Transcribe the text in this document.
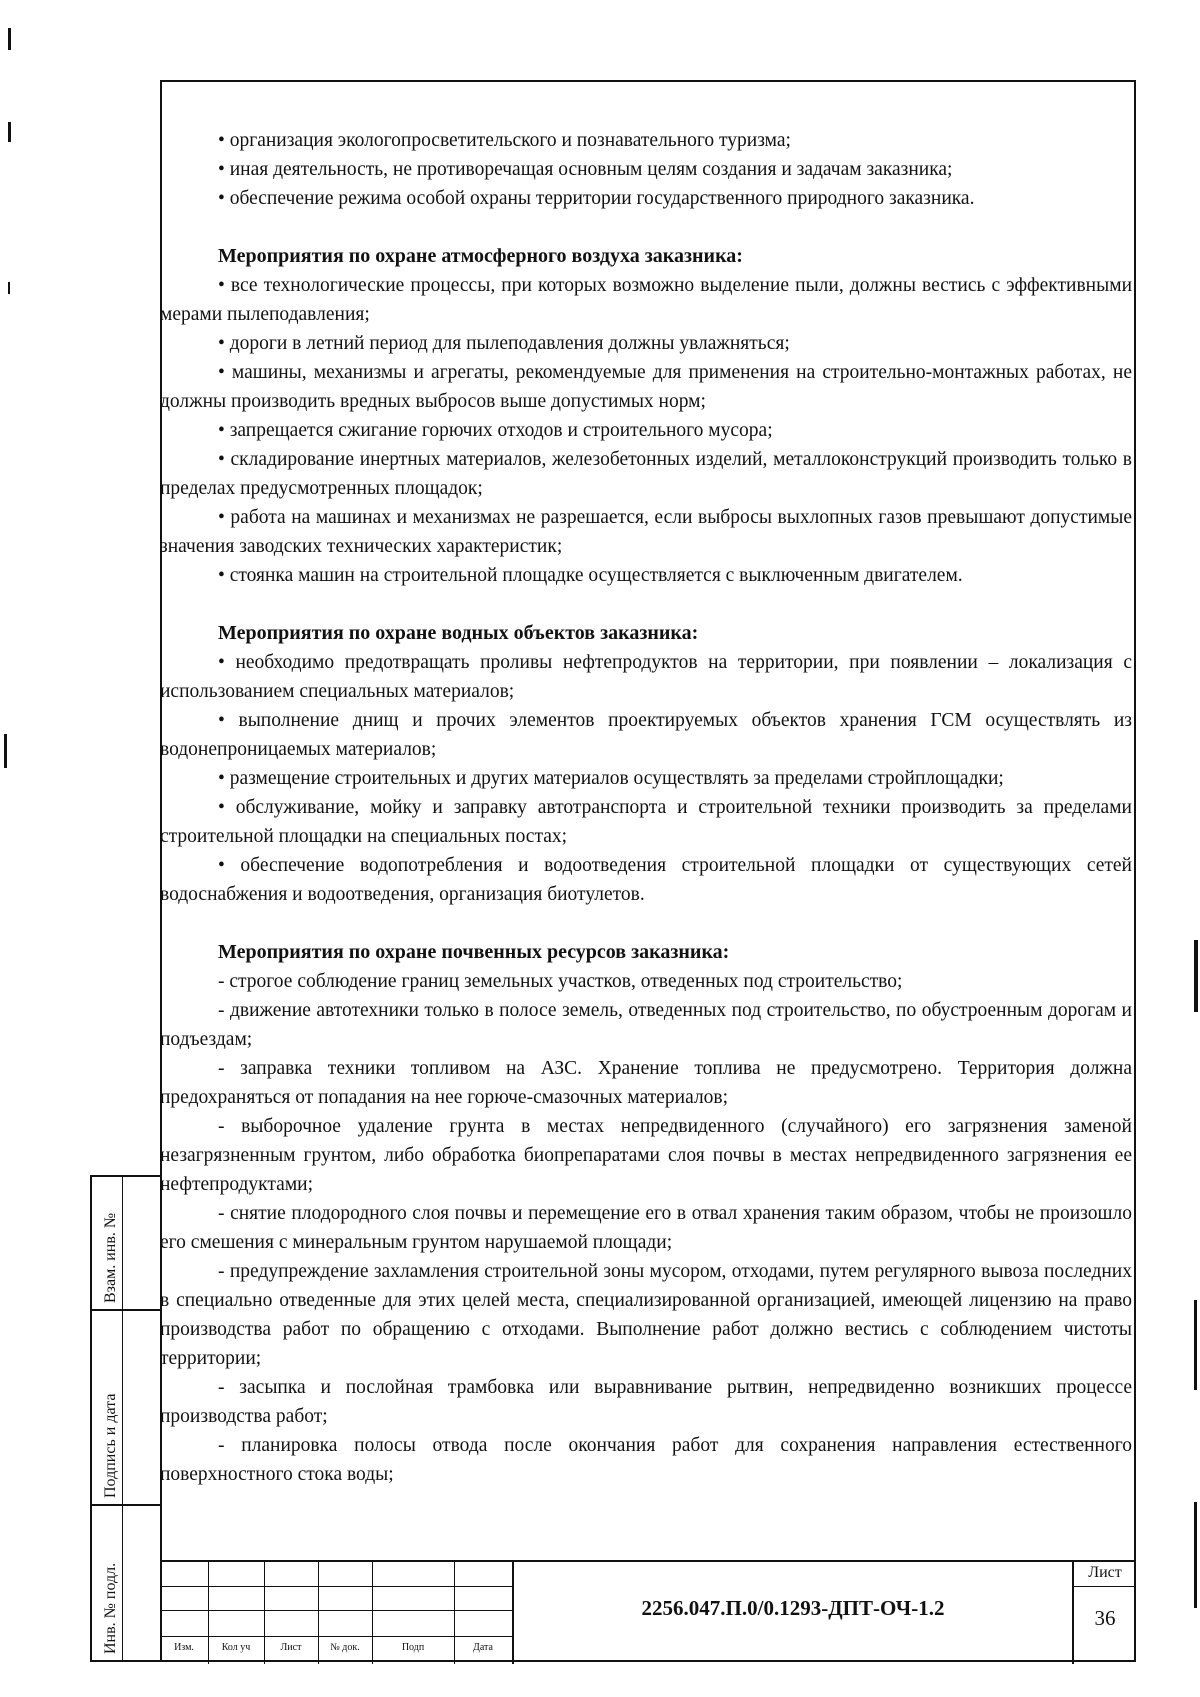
• организация экологопросветительского и познавательного туризма;

• иная деятельность, не противоречащая основным целям создания и задачам заказника;

• обеспечение режима особой охраны территории государственного природного заказника.

Мероприятия по охране атмосферного воздуха заказника:

• все технологические процессы, при которых возможно выделение пыли, должны вестись с эффективными мерами пылеподавления;

• дороги в летний период для пылеподавления должны увлажняться;

• машины, механизмы и агрегаты, рекомендуемые для применения на строительно-монтажных работах, не должны производить вредных выбросов выше допустимых норм;

• запрещается сжигание горючих отходов и строительного мусора;

• складирование инертных материалов, железобетонных изделий, металлоконструкций производить только в пределах предусмотренных площадок;

• работа на машинах и механизмах не разрешается, если выбросы выхлопных газов превышают допустимые значения заводских технических характеристик;

• стоянка машин на строительной площадке осуществляется с выключенным двигателем.

Мероприятия по охране водных объектов заказника:

• необходимо предотвращать проливы нефтепродуктов на территории, при появлении – локализация с использованием специальных материалов;

• выполнение днищ и прочих элементов проектируемых объектов хранения ГСМ осуществлять из водонепроницаемых материалов;

• размещение строительных и других материалов осуществлять за пределами стройплощадки;

• обслуживание, мойку и заправку автотранспорта и строительной техники производить за пределами строительной площадки на специальных постах;

• обеспечение водопотребления и водоотведения строительной площадки от существующих сетей водоснабжения и водоотведения, организация биотулетов.

Мероприятия по охране почвенных ресурсов заказника:

- строгое соблюдение границ земельных участков, отведенных под строительство;

- движение автотехники только в полосе земель, отведенных под строительство, по обустроенным дорогам и подъездам;

- заправка техники топливом на АЗС. Хранение топлива не предусмотрено. Территория должна предохраняться от попадания на нее горюче-смазочных материалов;

- выборочное удаление грунта в местах непредвиденного (случайного) его загрязнения заменой незагрязненным грунтом, либо обработка биопрепаратами слоя почвы в местах непредвиденного загрязнения ее нефтепродуктами;

- снятие плодородного слоя почвы и перемещение его в отвал хранения таким образом, чтобы не произошло его смешения с минеральным грунтом нарушаемой площади;

- предупреждение захламления строительной зоны мусором, отходами, путем регулярного вывоза последних в специально отведенные для этих целей места, специализированной организацией, имеющей лицензию на право производства работ по обращению с отходами. Выполнение работ должно вестись с соблюдением чистоты территории;

- засыпка и послойная трамбовка или выравнивание рытвин, непредвиденно возникших процессе производства работ;

- планировка полосы отвода после окончания работ для сохранения направления естественного поверхностного стока воды;

Взам. инв. №
Подпись и дата
Инв. № подл.	Изм.	Кол уч	Лист	№ док.	Подп	Дата
2256.047.П.0/0.1293-ДПТ-ОЧ-1.2
Лист
36
